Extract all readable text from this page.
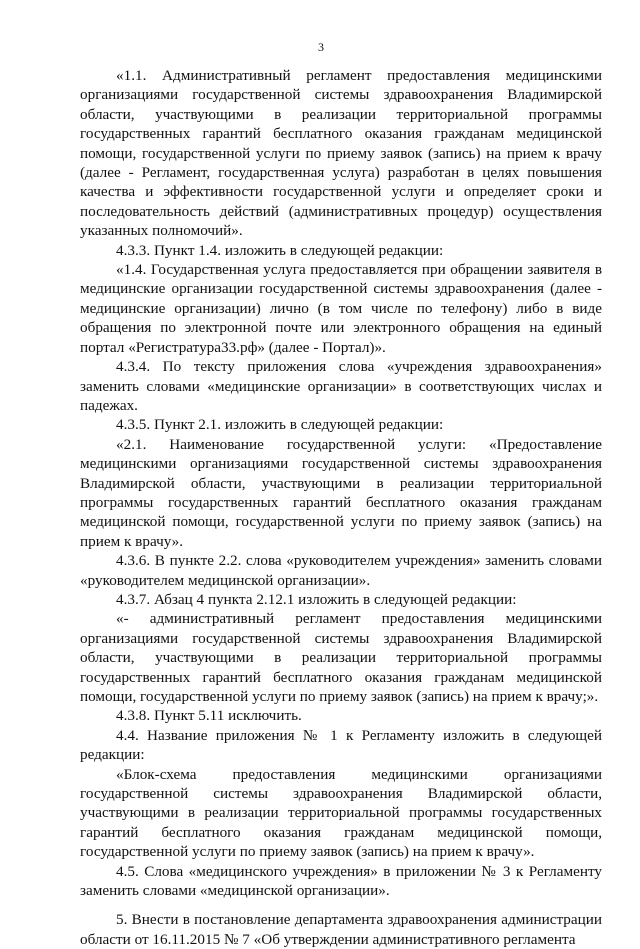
3

«1.1. Административный регламент предоставления медицинскими организациями государственной системы здравоохранения Владимирской области, участвующими в реализации территориальной программы государственных гарантий бесплатного оказания гражданам медицинской помощи, государственной услуги по приему заявок (запись) на прием к врачу (далее - Регламент, государственная услуга) разработан в целях повышения качества и эффективности государственной услуги и определяет сроки и последовательность действий (административных процедур) осуществления указанных полномочий».

4.3.3. Пункт 1.4. изложить в следующей редакции:

«1.4. Государственная услуга предоставляется при обращении заявителя в медицинские организации государственной системы здравоохранения (далее - медицинские организации) лично (в том числе по телефону) либо в виде обращения по электронной почте или электронного обращения на единый портал «Регистратура33.рф» (далее - Портал)».

4.3.4. По тексту приложения слова «учреждения здравоохранения» заменить словами «медицинские организации» в соответствующих числах и падежах.

4.3.5. Пункт 2.1. изложить в следующей редакции:

«2.1. Наименование государственной услуги: «Предоставление медицинскими организациями государственной системы здравоохранения Владимирской области, участвующими в реализации территориальной программы государственных гарантий бесплатного оказания гражданам медицинской помощи, государственной услуги по приему заявок (запись) на прием к врачу».

4.3.6. В пункте 2.2. слова «руководителем учреждения» заменить словами «руководителем медицинской организации».

4.3.7. Абзац 4 пункта 2.12.1 изложить в следующей редакции:

«- административный регламент предоставления медицинскими организациями государственной системы здравоохранения Владимирской области, участвующими в реализации территориальной программы государственных гарантий бесплатного оказания гражданам медицинской помощи, государственной услуги по приему заявок (запись) на прием к врачу;».

4.3.8. Пункт 5.11 исключить.

4.4. Название приложения № 1 к Регламенту изложить в следующей редакции:

«Блок-схема предоставления медицинскими организациями государственной системы здравоохранения Владимирской области, участвующими в реализации территориальной программы государственных гарантий бесплатного оказания гражданам медицинской помощи, государственной услуги по приему заявок (запись) на прием к врачу».

4.5. Слова «медицинского учреждения» в приложении № 3 к Регламенту заменить словами «медицинской организации».

5. Внести в постановление департамента здравоохранения администрации области от 16.11.2015 № 7 «Об утверждении административного регламента
